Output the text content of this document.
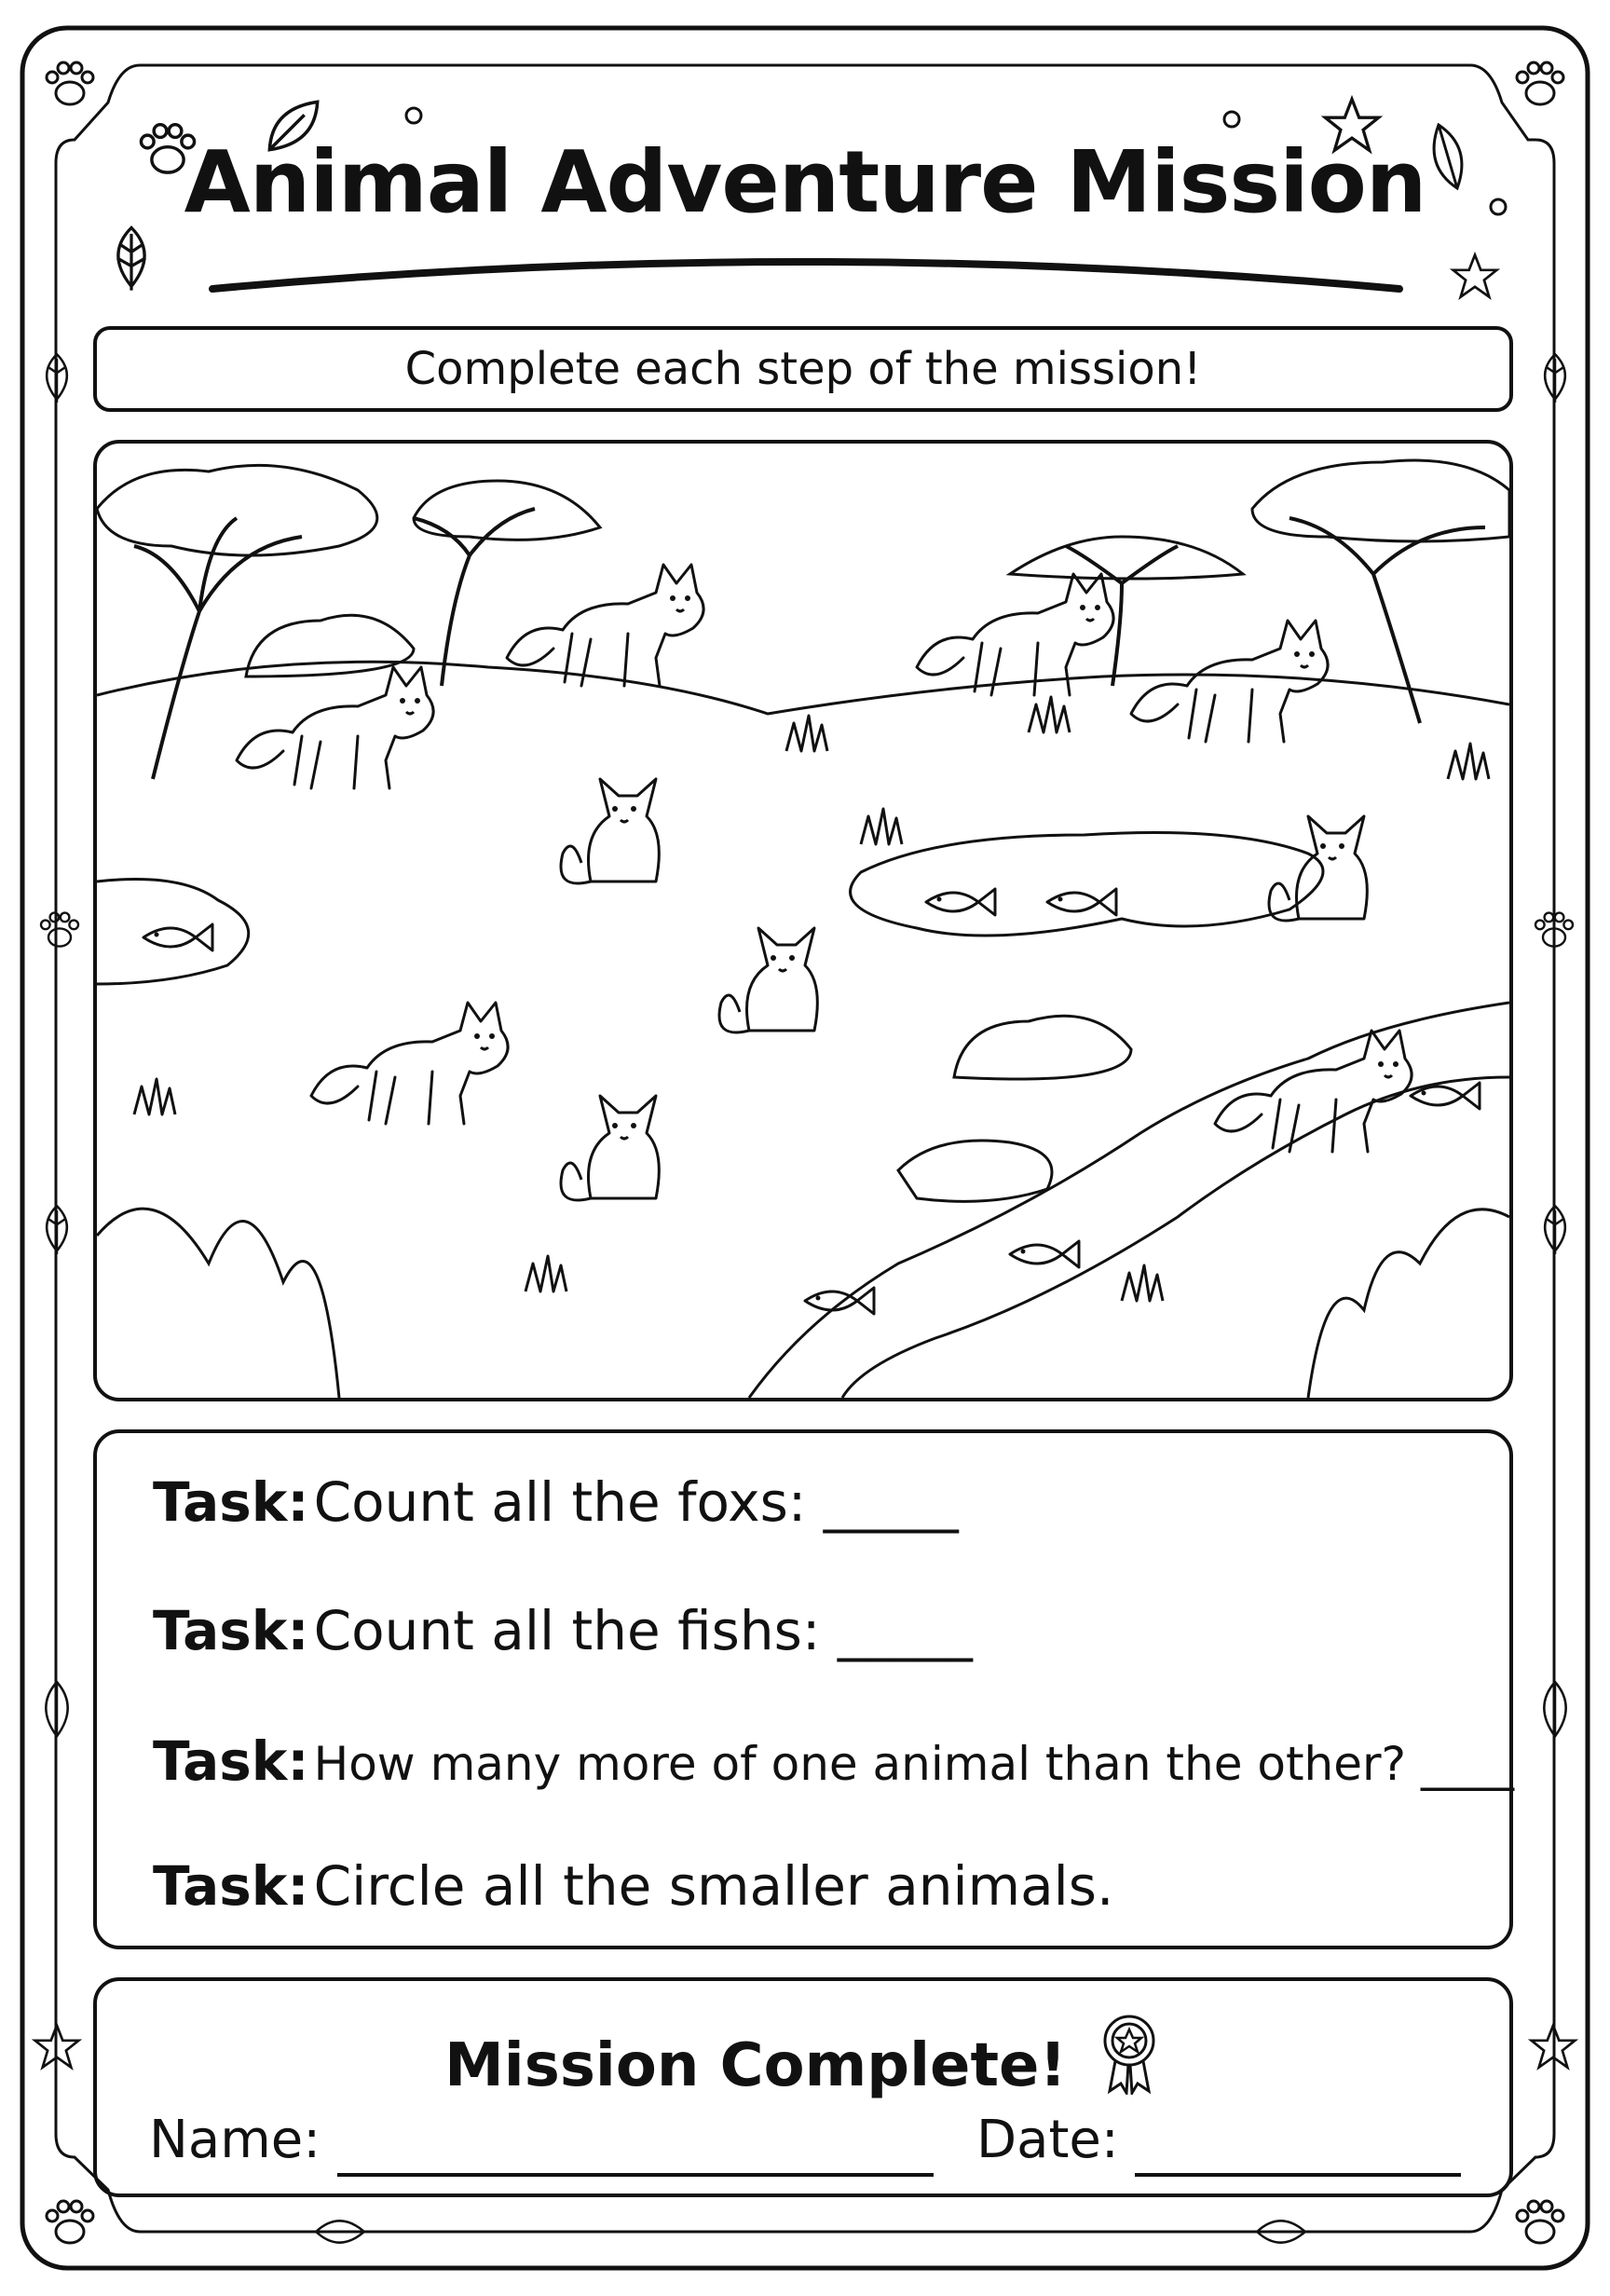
Animal Adventure Mission
Complete each step of the mission!
Task: Count all the foxs: _____
Task: Count all the fishs: _____
Task: How many more of one animal than the other? ____
Task: Circle all the smaller animals.
Mission Complete!
Name:	Date:
